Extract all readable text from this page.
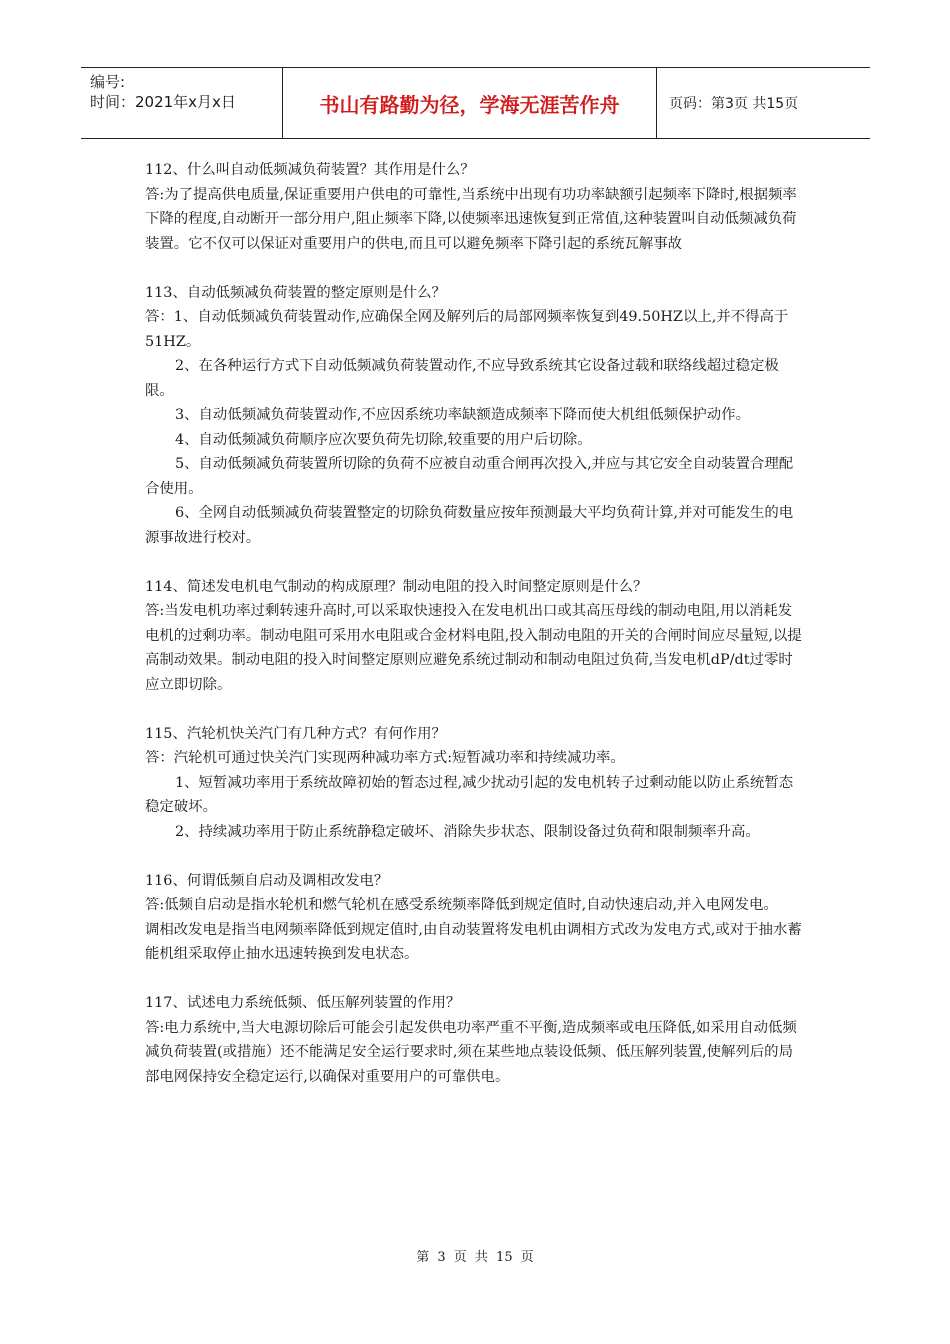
编号:
时间：2021年x月x日	书山有路勤为径，学海无涯苦作舟	页码：第3页 共15页

112、什么叫自动低频减负荷装置？其作用是什么？

答:为了提高供电质量,保证重要用户供电的可靠性,当系统中出现有功功率缺额引起频率下降时,根据频率下降的程度,自动断开一部分用户,阻止频率下降,以使频率迅速恢复到正常值,这种装置叫自动低频减负荷装置。它不仅可以保证对重要用户的供电,而且可以避免频率下降引起的系统瓦解事故

113、自动低频减负荷装置的整定原则是什么？

答：1、自动低频减负荷装置动作,应确保全网及解列后的局部网频率恢复到49.50HZ以上,并不得高于51HZ。

2、在各种运行方式下自动低频减负荷装置动作,不应导致系统其它设备过载和联络线超过稳定极限。

3、自动低频减负荷装置动作,不应因系统功率缺额造成频率下降而使大机组低频保护动作。

4、自动低频减负荷顺序应次要负荷先切除,较重要的用户后切除。

5、自动低频减负荷装置所切除的负荷不应被自动重合闸再次投入,并应与其它安全自动装置合理配合使用。

6、全网自动低频减负荷装置整定的切除负荷数量应按年预测最大平均负荷计算,并对可能发生的电源事故进行校对。

114、简述发电机电气制动的构成原理？制动电阻的投入时间整定原则是什么？

答:当发电机功率过剩转速升高时,可以采取快速投入在发电机出口或其高压母线的制动电阻,用以消耗发电机的过剩功率。制动电阻可采用水电阻或合金材料电阻,投入制动电阻的开关的合闸时间应尽量短,以提高制动效果。制动电阻的投入时间整定原则应避免系统过制动和制动电阻过负荷,当发电机dP/dt过零时应立即切除。

115、汽轮机快关汽门有几种方式？有何作用？

答：汽轮机可通过快关汽门实现两种减功率方式:短暂减功率和持续减功率。

1、短暂减功率用于系统故障初始的暂态过程,减少扰动引起的发电机转子过剩动能以防止系统暂态稳定破坏。

2、持续减功率用于防止系统静稳定破坏、消除失步状态、限制设备过负荷和限制频率升高。

116、何谓低频自启动及调相改发电？

答:低频自启动是指水轮机和燃气轮机在感受系统频率降低到规定值时,自动快速启动,并入电网发电。

调相改发电是指当电网频率降低到规定值时,由自动装置将发电机由调相方式改为发电方式,或对于抽水蓄能机组采取停止抽水迅速转换到发电状态。

117、试述电力系统低频、低压解列装置的作用？

答:电力系统中,当大电源切除后可能会引起发供电功率严重不平衡,造成频率或电压降低,如采用自动低频减负荷装置(或措施）还不能满足安全运行要求时,须在某些地点装设低频、低压解列装置,使解列后的局部电网保持安全稳定运行,以确保对重要用户的可靠供电。

第 3 页 共 15 页
